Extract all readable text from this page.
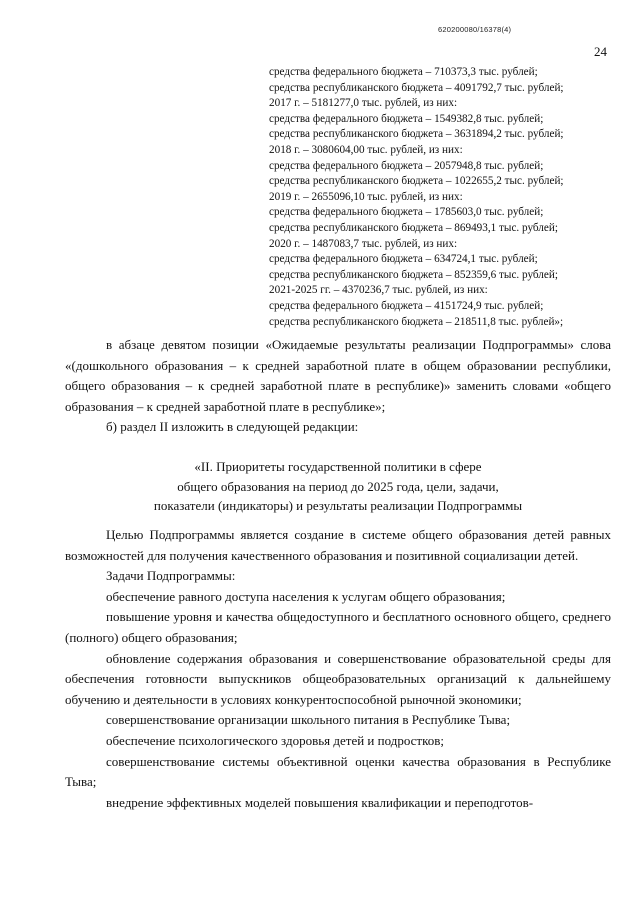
620200080/16378(4)
24
средства федерального бюджета – 710373,3 тыс. рублей;
средства республиканского бюджета – 4091792,7 тыс. рублей;
2017 г. – 5181277,0 тыс. рублей, из них:
средства федерального бюджета – 1549382,8 тыс. рублей;
средства республиканского бюджета – 3631894,2 тыс. рублей;
2018 г. – 3080604,00 тыс. рублей, из них:
средства федерального бюджета – 2057948,8 тыс. рублей;
средства республиканского бюджета – 1022655,2 тыс. рублей;
2019 г. – 2655096,10 тыс. рублей, из них:
средства федерального бюджета – 1785603,0 тыс. рублей;
средства республиканского бюджета – 869493,1 тыс. рублей;
2020 г. – 1487083,7 тыс. рублей, из них:
средства федерального бюджета – 634724,1 тыс. рублей;
средства республиканского бюджета – 852359,6 тыс. рублей;
2021-2025 гг. – 4370236,7 тыс. рублей, из них:
средства федерального бюджета – 4151724,9 тыс. рублей;
средства республиканского бюджета – 218511,8 тыс. рублей»;

в абзаце девятом позиции «Ожидаемые результаты реализации Подпрограммы» слова «(дошкольного образования – к средней заработной плате в общем образовании республики, общего образования – к средней заработной плате в республике)» заменить словами «общего образования – к средней заработной плате в республике»;

б) раздел II изложить в следующей редакции:

«II. Приоритеты государственной политики в сфере
общего образования на период до 2025 года, цели, задачи,
показатели (индикаторы) и результаты реализации Подпрограммы

Целью Подпрограммы является создание в системе общего образования детей равных возможностей для получения качественного образования и позитивной социализации детей.

Задачи Подпрограммы:

обеспечение равного доступа населения к услугам общего образования;

повышение уровня и качества общедоступного и бесплатного основного общего, среднего (полного) общего образования;

обновление содержания образования и совершенствование образовательной среды для обеспечения готовности выпускников общеобразовательных организаций к дальнейшему обучению и деятельности в условиях конкурентоспособной рыночной экономики;

совершенствование организации школьного питания в Республике Тыва;

обеспечение психологического здоровья детей и подростков;

совершенствование системы объективной оценки качества образования в Республике Тыва;

внедрение эффективных моделей повышения квалификации и переподготов-
